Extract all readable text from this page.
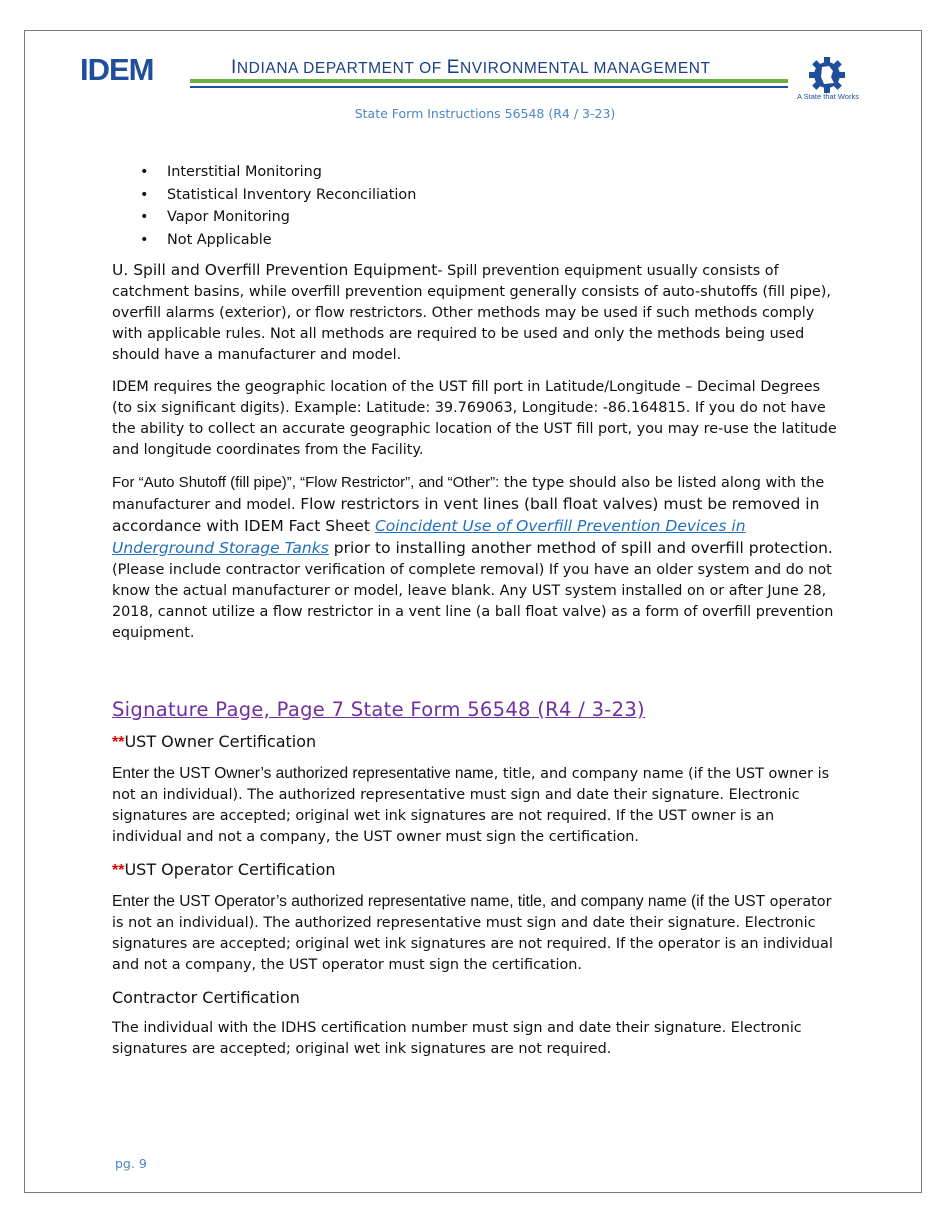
IDEM	INDIANA DEPARTMENT OF ENVIRONMENTAL MANAGEMENT
A State that Works
State Form Instructions 56548 (R4 / 3-23)
• Interstitial Monitoring
• Statistical Inventory Reconciliation
• Vapor Monitoring
• Not Applicable

U. Spill and Overfill Prevention Equipment- Spill prevention equipment usually consists of catchment basins, while overfill prevention equipment generally consists of auto-shutoffs (fill pipe), overfill alarms (exterior), or flow restrictors. Other methods may be used if such methods comply with applicable rules. Not all methods are required to be used and only the methods being used should have a manufacturer and model.

IDEM requires the geographic location of the UST fill port in Latitude/Longitude – Decimal Degrees (to six significant digits). Example: Latitude: 39.769063, Longitude: -86.164815. If you do not have the ability to collect an accurate geographic location of the UST fill port, you may re-use the latitude and longitude coordinates from the Facility.

For “Auto Shutoff (fill pipe)”, “Flow Restrictor”, and “Other”: the type should also be listed along with the manufacturer and model. Flow restrictors in vent lines (ball float valves) must be removed in accordance with IDEM Fact Sheet Coincident Use of Overfill Prevention Devices in Underground Storage Tanks prior to installing another method of spill and overfill protection. (Please include contractor verification of complete removal) If you have an older system and do not know the actual manufacturer or model, leave blank. Any UST system installed on or after June 28, 2018, cannot utilize a flow restrictor in a vent line (a ball float valve) as a form of overfill prevention equipment.

Signature Page, Page 7 State Form 56548 (R4 / 3-23)
**UST Owner Certification

Enter the UST Owner’s authorized representative name, title, and company name (if the UST owner is not an individual). The authorized representative must sign and date their signature. Electronic signatures are accepted; original wet ink signatures are not required. If the UST owner is an individual and not a company, the UST owner must sign the certification.

**UST Operator Certification

Enter the UST Operator’s authorized representative name, title, and company name (if the UST operator is not an individual). The authorized representative must sign and date their signature. Electronic signatures are accepted; original wet ink signatures are not required. If the operator is an individual and not a company, the UST operator must sign the certification.

Contractor Certification

The individual with the IDHS certification number must sign and date their signature. Electronic signatures are accepted; original wet ink signatures are not required.

pg. 9
